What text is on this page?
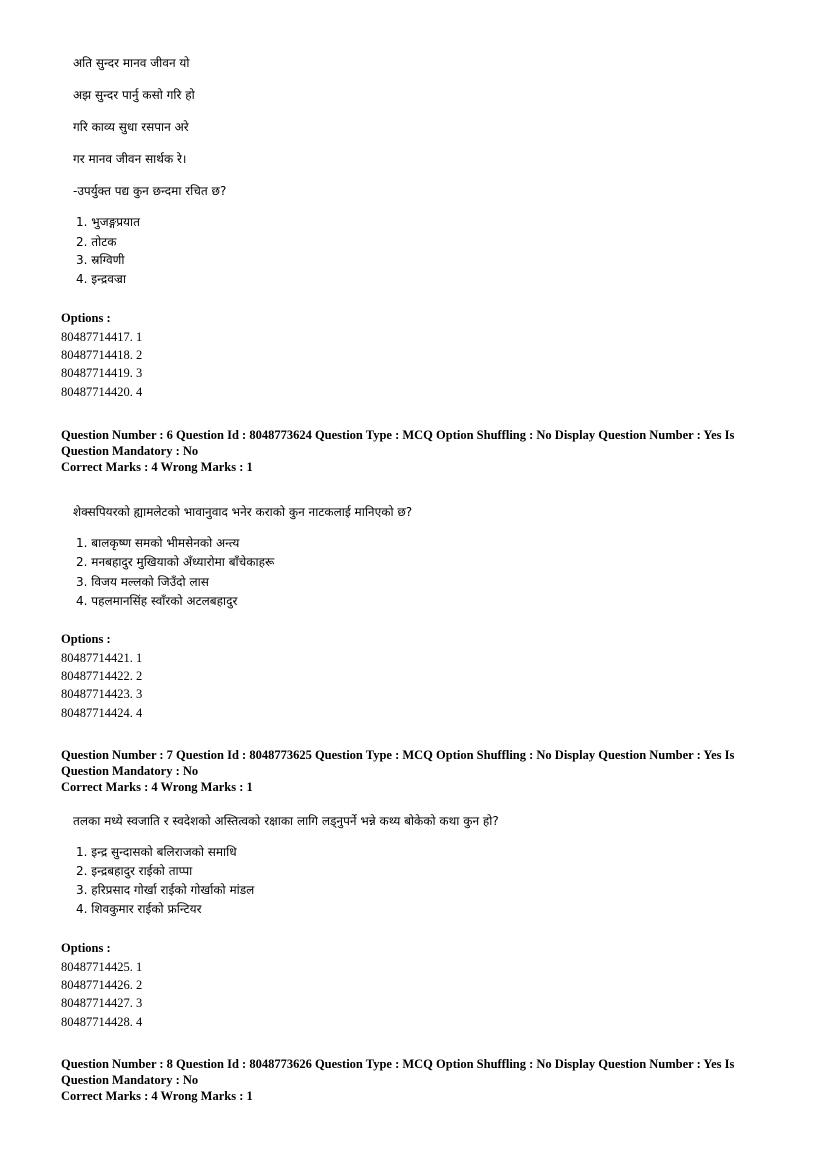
अति सुन्दर मानव जीवन यो
अझ सुन्दर पार्नु कसो गरि हो
गरि काव्य सुधा रसपान अरे
गर मानव जीवन सार्थक रे।
-उपर्युक्त पद्य कुन छन्दमा रचित छ?
1. भुजङ्गप्रयात
2. तोटक
3. स्रग्विणी
4. इन्द्रवज्रा
Options :
80487714417. 1
80487714418. 2
80487714419. 3
80487714420. 4
Question Number : 6 Question Id : 8048773624 Question Type : MCQ Option Shuffling : No Display Question Number : Yes Is
Question Mandatory : No
Correct Marks : 4 Wrong Marks : 1
शेक्सपियरको ह्यामलेटको भावानुवाद भनेर कराको कुन नाटकलाई मानिएको छ?
1. बालकृष्ण समको भीमसेनको अन्त्य
2. मनबहादुर मुखियाको अँध्यारोमा बाँचेकाहरू
3. विजय मल्लको जिउँदो लास
4. पहलमानसिंह स्वाँरको अटलबहादुर
Options :
80487714421. 1
80487714422. 2
80487714423. 3
80487714424. 4
Question Number : 7 Question Id : 8048773625 Question Type : MCQ Option Shuffling : No Display Question Number : Yes Is
Question Mandatory : No
Correct Marks : 4 Wrong Marks : 1
तलका मध्ये स्वजाति र स्वदेशको अस्तित्वको रक्षाका लागि लड्नुपर्ने भन्ने कथ्य बोकेको कथा कुन हो?
1. इन्द्र सुन्दासको बलिराजको समाधि
2. इन्द्रबहादुर राईको ताप्पा
3. हरिप्रसाद गोर्खा राईको गोर्खाको मांडल
4. शिवकुमार राईको फ्रन्टियर
Options :
80487714425. 1
80487714426. 2
80487714427. 3
80487714428. 4
Question Number : 8 Question Id : 8048773626 Question Type : MCQ Option Shuffling : No Display Question Number : Yes Is
Question Mandatory : No
Correct Marks : 4 Wrong Marks : 1
